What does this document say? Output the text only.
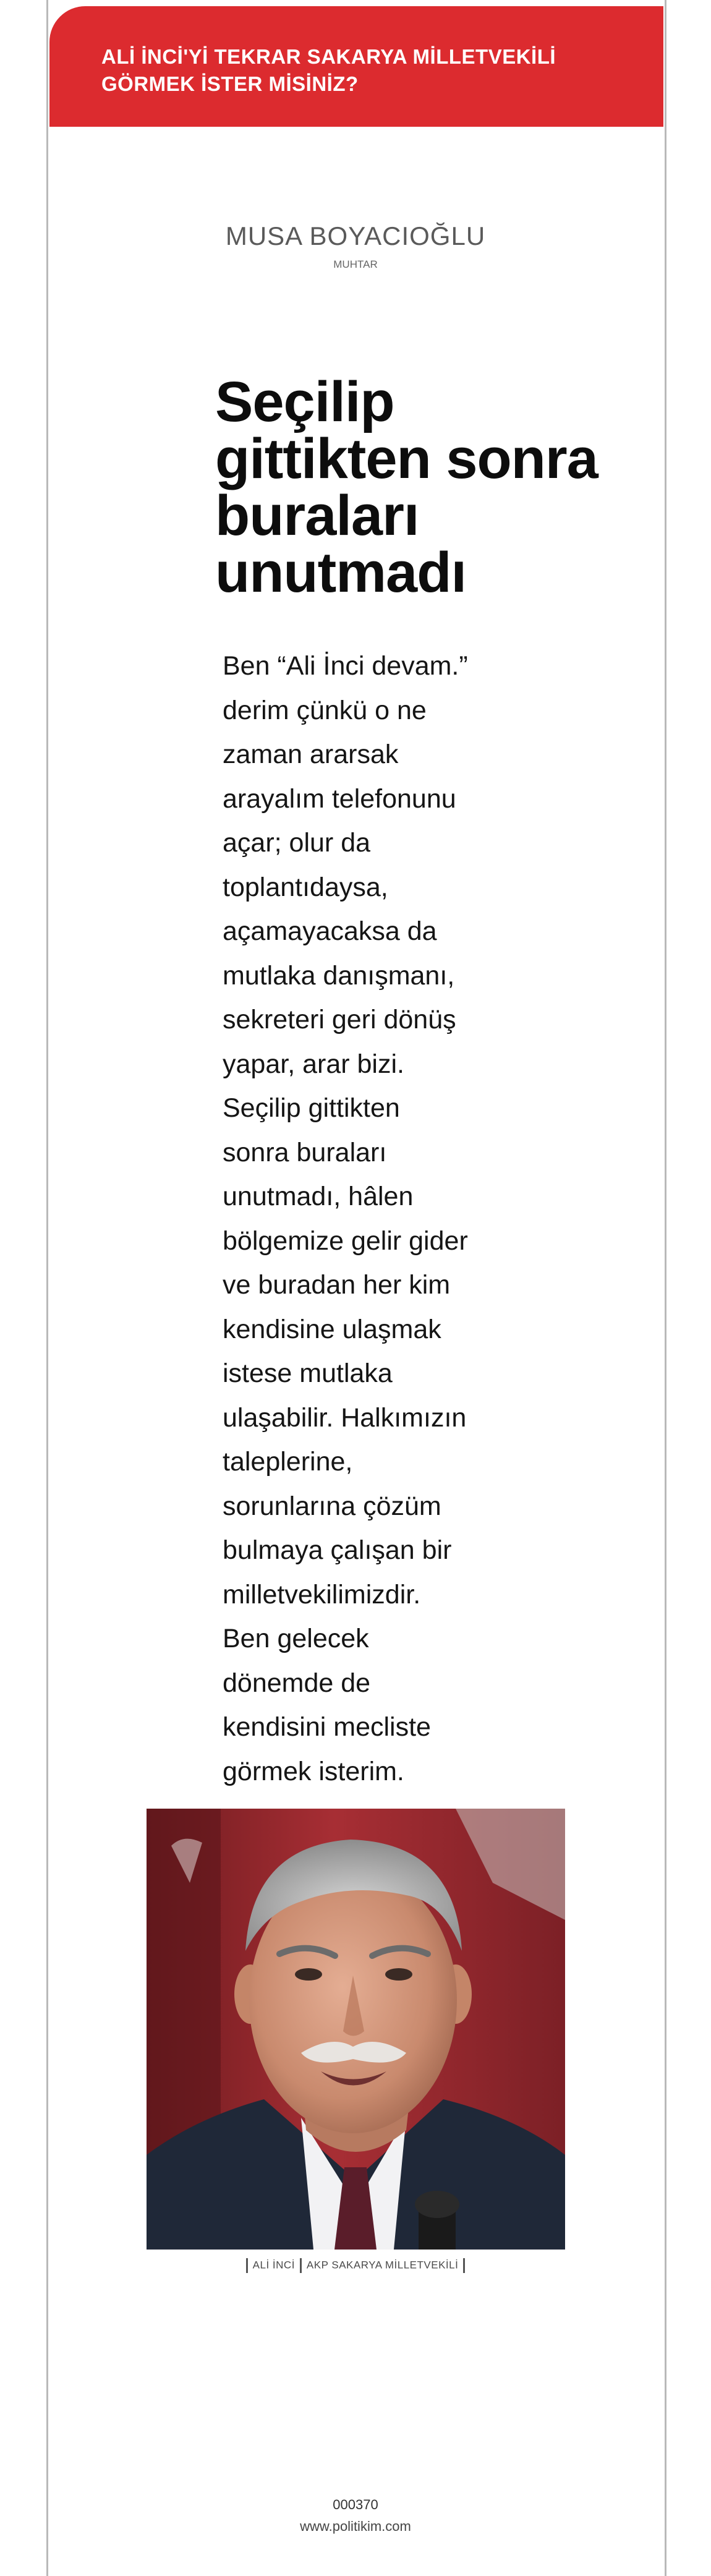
ALİ İNCİ'Yİ TEKRAR SAKARYA MİLLETVEKİLİ
GÖRMEK İSTER MİSİNİZ?
MUSA BOYACIOĞLU
MUHTAR
Seçilip
gittikten sonra
buraları
unutmadı

Ben “Ali İnci devam.”
derim çünkü o ne
zaman ararsak
arayalım telefonunu
açar; olur da
toplantıdaysa,
açamayacaksa da
mutlaka danışmanı,
sekreteri geri dönüş
yapar, arar bizi.
Seçilip gittikten
sonra buraları
unutmadı, hâlen
bölgemize gelir gider
ve buradan her kim
kendisine ulaşmak
istese mutlaka
ulaşabilir. Halkımızın
taleplerine,
sorunlarına çözüm
bulmaya çalışan bir
milletvekilimizdir.
Ben gelecek
dönemde de
kendisini mecliste
görmek isterim.

ALİ İNCİ AKP SAKARYA MİLLETVEKİLİ
000370
www.politikim.com
